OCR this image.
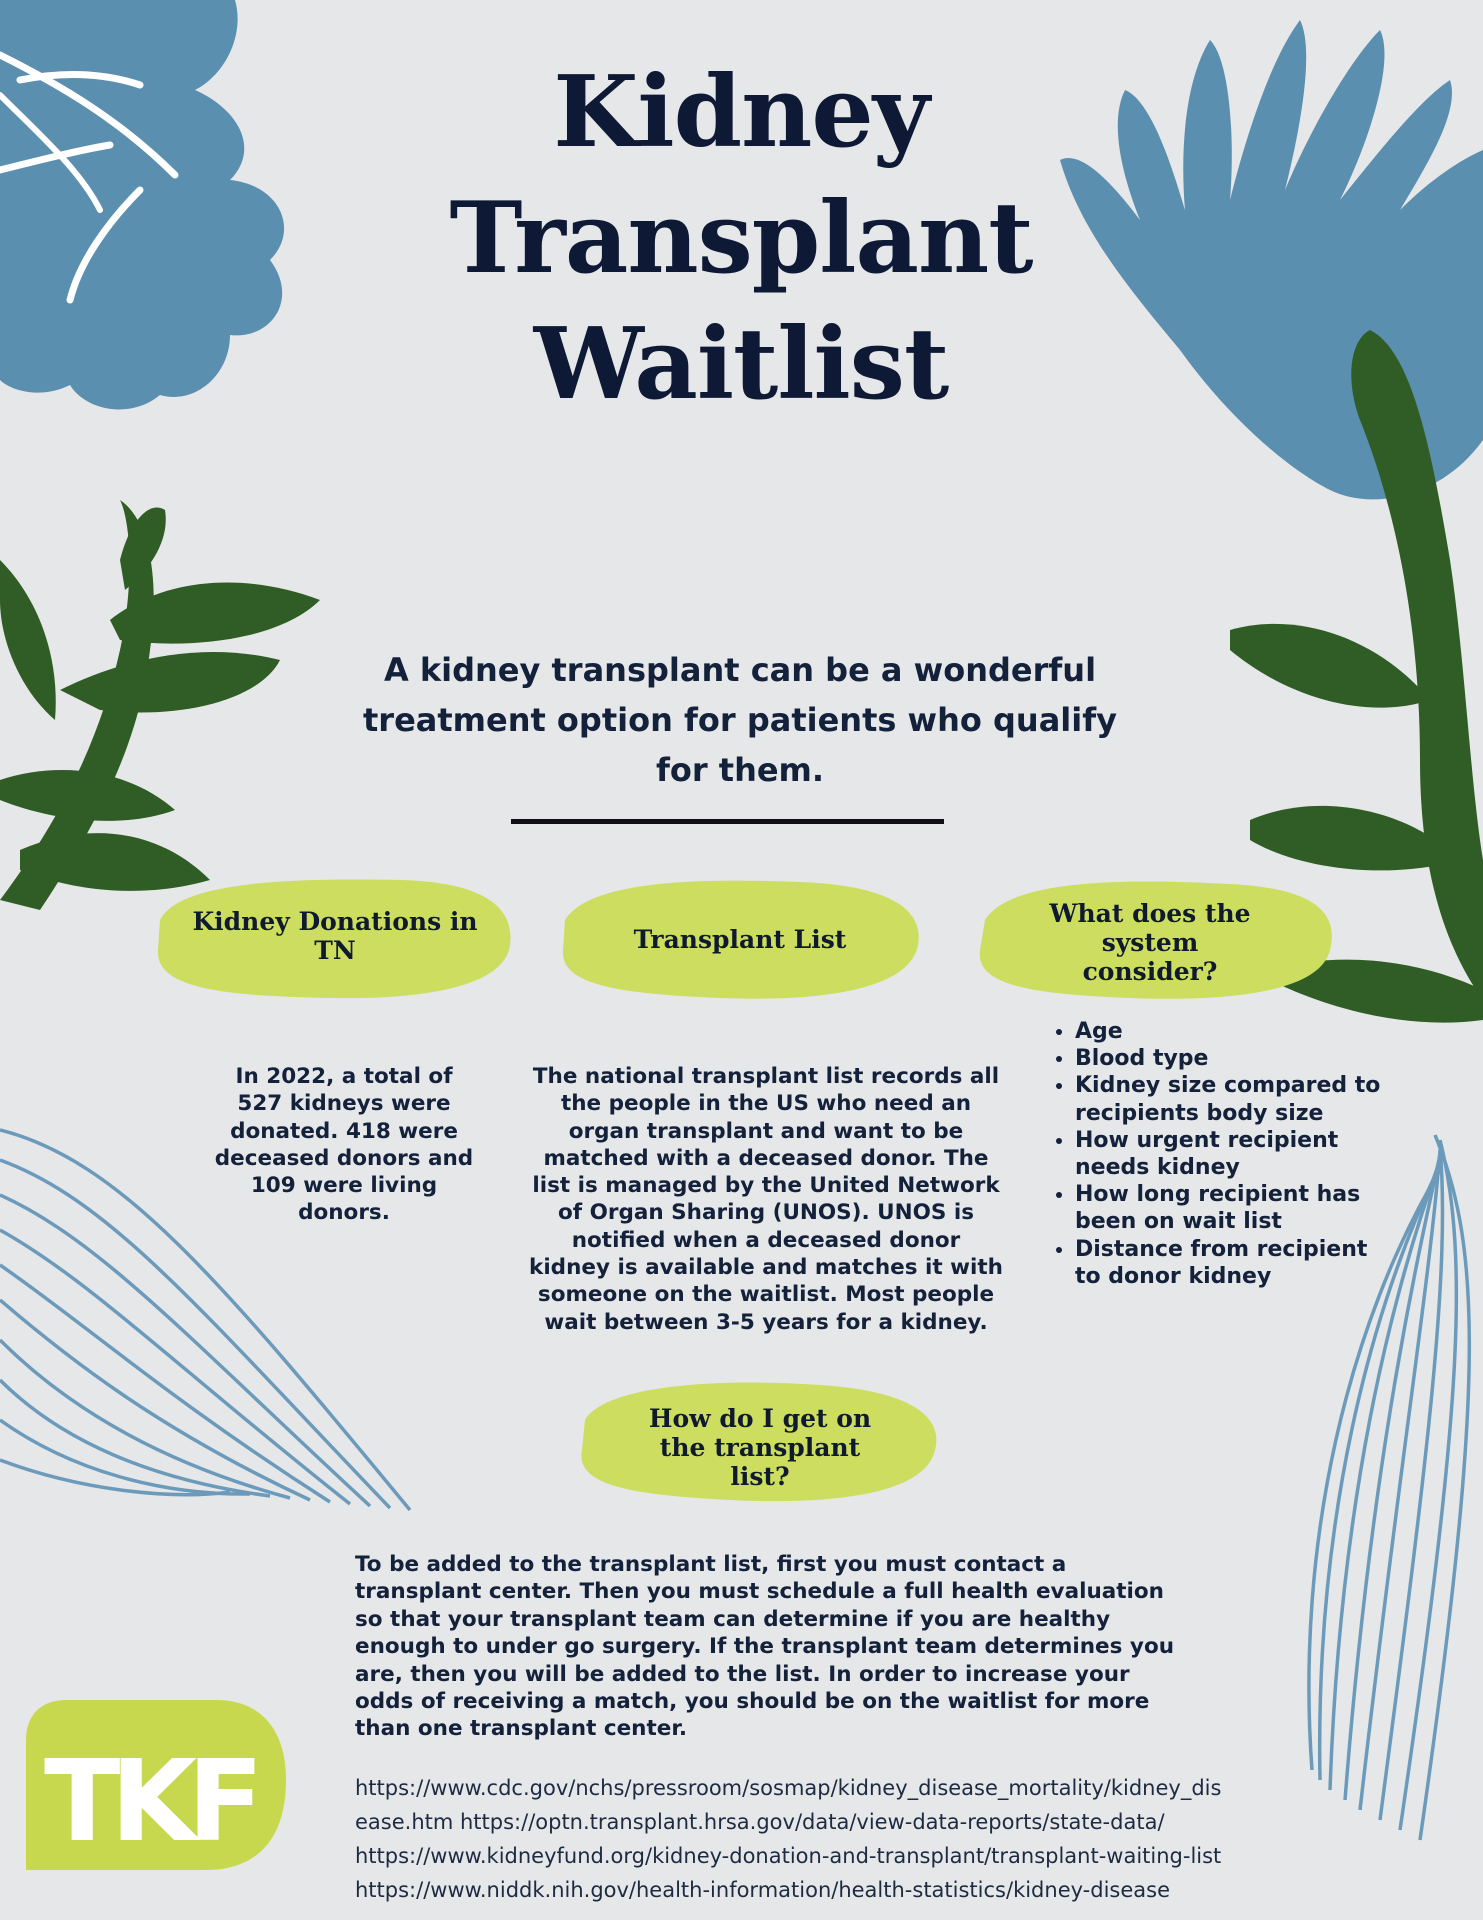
Kidney
Transplant
Waitlist
A kidney transplant can be a wonderful treatment option for patients who qualify for them.
Kidney Donations in TN	Transplant List
What does the system consider?
How do I get on the transplant list?
In 2022, a total of 527 kidneys were donated. 418 were deceased donors and 109 were living donors.
The national transplant list records all the people in the US who need an organ transplant and want to be matched with a deceased donor. The list is managed by the United Network of Organ Sharing (UNOS). UNOS is notified when a deceased donor kidney is available and matches it with someone on the waitlist. Most people wait between 3-5 years for a kidney.
• Age
• Blood type
• Kidney size compared to recipients body size
• How urgent recipient needs kidney
• How long recipient has been on wait list
• Distance from recipient to donor kidney
To be added to the transplant list, first you must contact a transplant center. Then you must schedule a full health evaluation so that your transplant team can determine if you are healthy enough to under go surgery. If the transplant team determines you are, then you will be added to the list. In order to increase your odds of receiving a match, you should be on the waitlist for more than one transplant center.
TKF	https://www.cdc.gov/nchs/pressroom/sosmap/kidney_disease_mortality/kidney_dis
ease.htm https://optn.transplant.hrsa.gov/data/view-data-reports/state-data/
https://www.kidneyfund.org/kidney-donation-and-transplant/transplant-waiting-list
https://www.niddk.nih.gov/health-information/health-statistics/kidney-disease
